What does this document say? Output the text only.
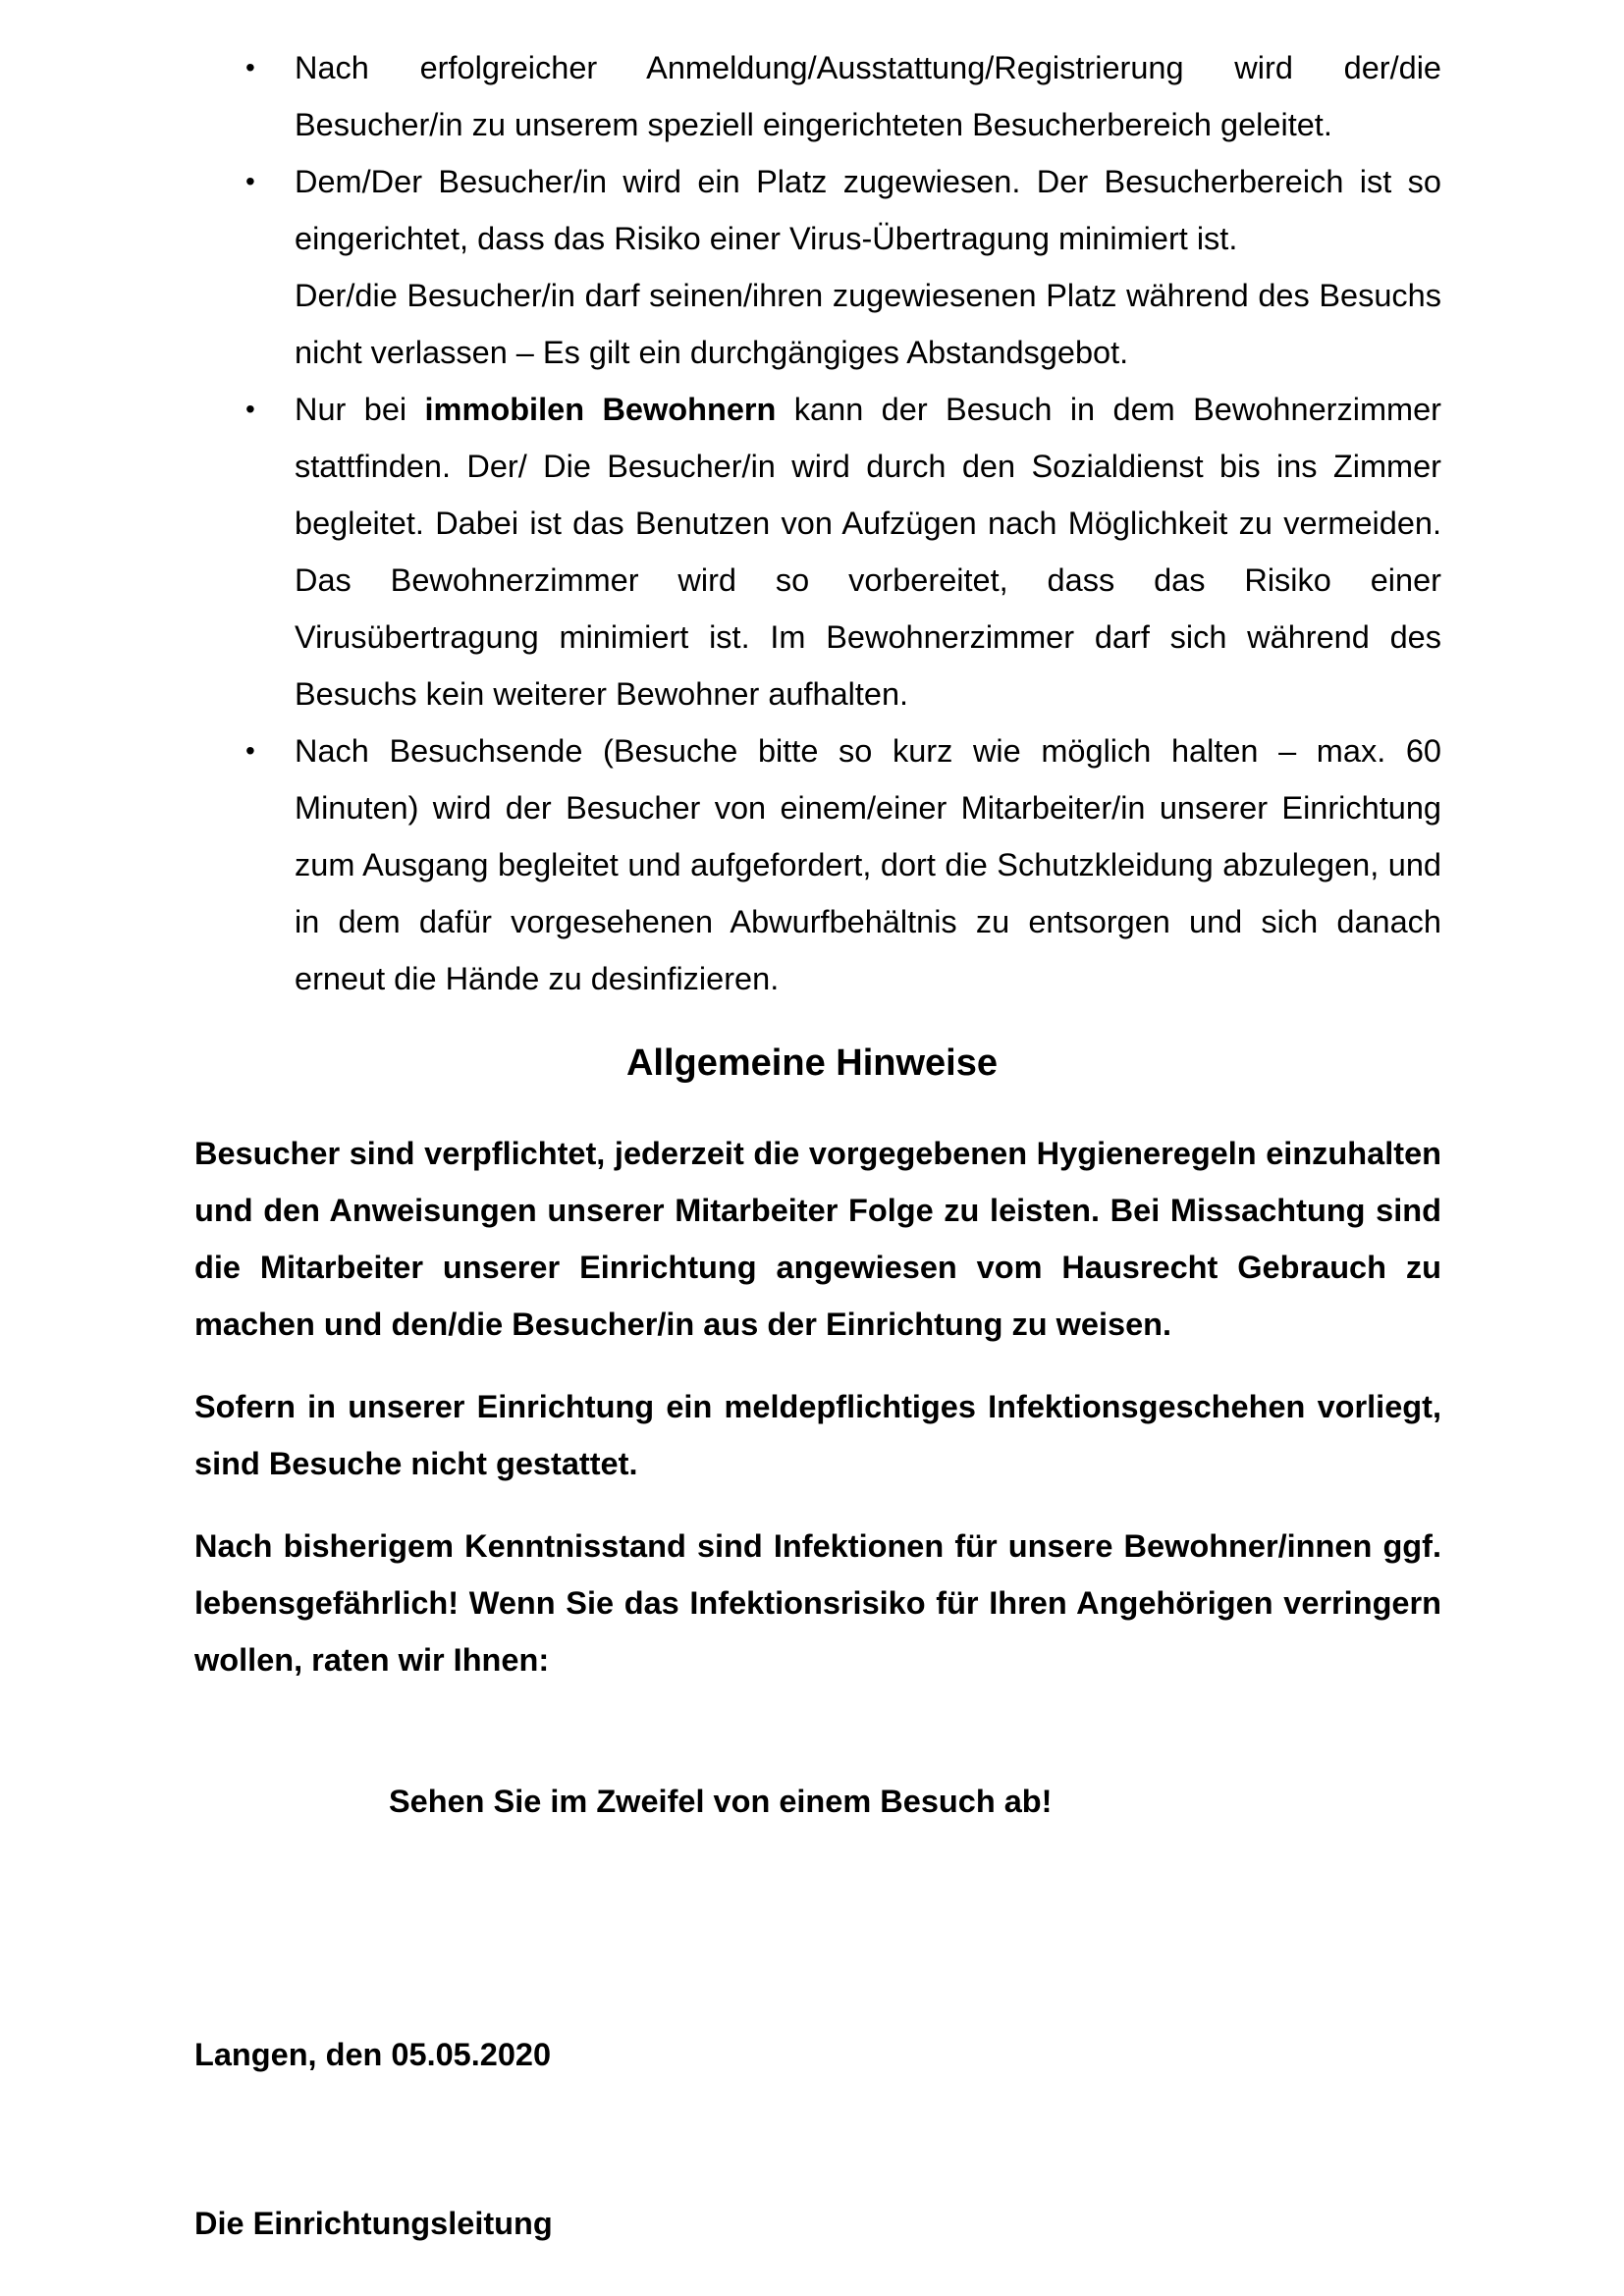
• Nach erfolgreicher Anmeldung/Ausstattung/Registrierung wird der/die Besucher/in zu unserem speziell eingerichteten Besucherbereich geleitet.
• Dem/Der Besucher/in wird ein Platz zugewiesen. Der Besucherbereich ist so eingerichtet, dass das Risiko einer Virus-Übertragung minimiert ist.
Der/die Besucher/in darf seinen/ihren zugewiesenen Platz während des Besuchs nicht verlassen – Es gilt ein durchgängiges Abstandsgebot.
• Nur bei immobilen Bewohnern kann der Besuch in dem Bewohnerzimmer stattfinden. Der/ Die Besucher/in wird durch den Sozialdienst bis ins Zimmer begleitet. Dabei ist das Benutzen von Aufzügen nach Möglichkeit zu vermeiden. Das Bewohnerzimmer wird so vorbereitet, dass das Risiko einer Virusübertragung minimiert ist. Im Bewohnerzimmer darf sich während des Besuchs kein weiterer Bewohner aufhalten.
• Nach Besuchsende (Besuche bitte so kurz wie möglich halten – max. 60 Minuten) wird der Besucher von einem/einer Mitarbeiter/in unserer Einrichtung zum Ausgang begleitet und aufgefordert, dort die Schutzkleidung abzulegen, und in dem dafür vorgesehenen Abwurfbehältnis zu entsorgen und sich danach erneut die Hände zu desinfizieren.
Allgemeine Hinweise

Besucher sind verpflichtet, jederzeit die vorgegebenen Hygieneregeln einzuhalten und den Anweisungen unserer Mitarbeiter Folge zu leisten. Bei Missachtung sind die Mitarbeiter unserer Einrichtung angewiesen vom Hausrecht Gebrauch zu machen und den/die Besucher/in aus der Einrichtung zu weisen.

Sofern in unserer Einrichtung ein meldepflichtiges Infektionsgeschehen vorliegt, sind Besuche nicht gestattet.

Nach bisherigem Kenntnisstand sind Infektionen für unsere Bewohner/innen ggf. lebensgefährlich! Wenn Sie das Infektionsrisiko für Ihren Angehörigen verringern wollen, raten wir Ihnen:

Sehen Sie im Zweifel von einem Besuch ab!

Langen, den 05.05.2020

Die Einrichtungsleitung
